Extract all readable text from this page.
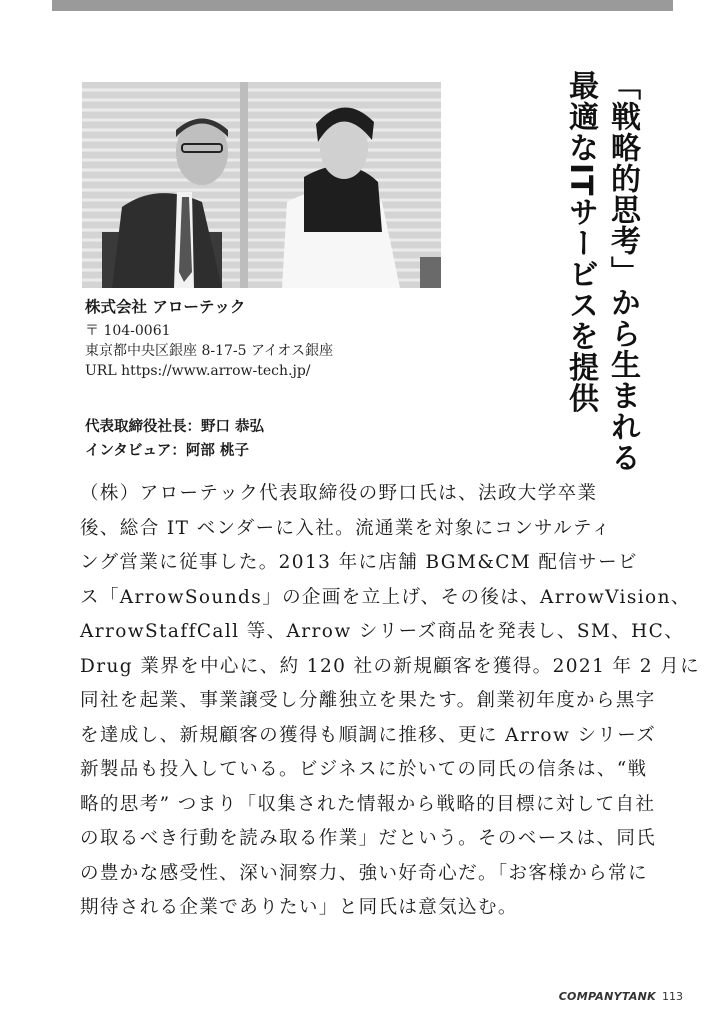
株式会社 アローテック
〒 104-0061
東京都中央区銀座 8-17-5 アイオス銀座
URL https://www.arrow-tech.jp/
代表取締役社長：野口 恭弘
インタビュア：阿部 桃子	「戦略的思考」から生まれる
最適なITサービスを提供
（株）アローテック代表取締役の野口氏は、法政大学卒業
後、総合 IT ベンダーに入社。流通業を対象にコンサルティ
ング営業に従事した。2013 年に店舗 BGM&CM 配信サービ
ス「ArrowSounds」の企画を立上げ、その後は、ArrowVision、
ArrowStaffCall 等、Arrow シリーズ商品を発表し、SM、HC、
Drug 業界を中心に、約 120 社の新規顧客を獲得。2021 年 2 月に
同社を起業、事業譲受し分離独立を果たす。創業初年度から黒字
を達成し、新規顧客の獲得も順調に推移、更に Arrow シリーズ
新製品も投入している。ビジネスに於いての同氏の信条は、“戦
略的思考” つまり「収集された情報から戦略的目標に対して自社
の取るべき行動を読み取る作業」だという。そのベースは、同氏
の豊かな感受性、深い洞察力、強い好奇心だ。「お客様から常に
期待される企業でありたい」と同氏は意気込む。
COMPANYTANK 113
